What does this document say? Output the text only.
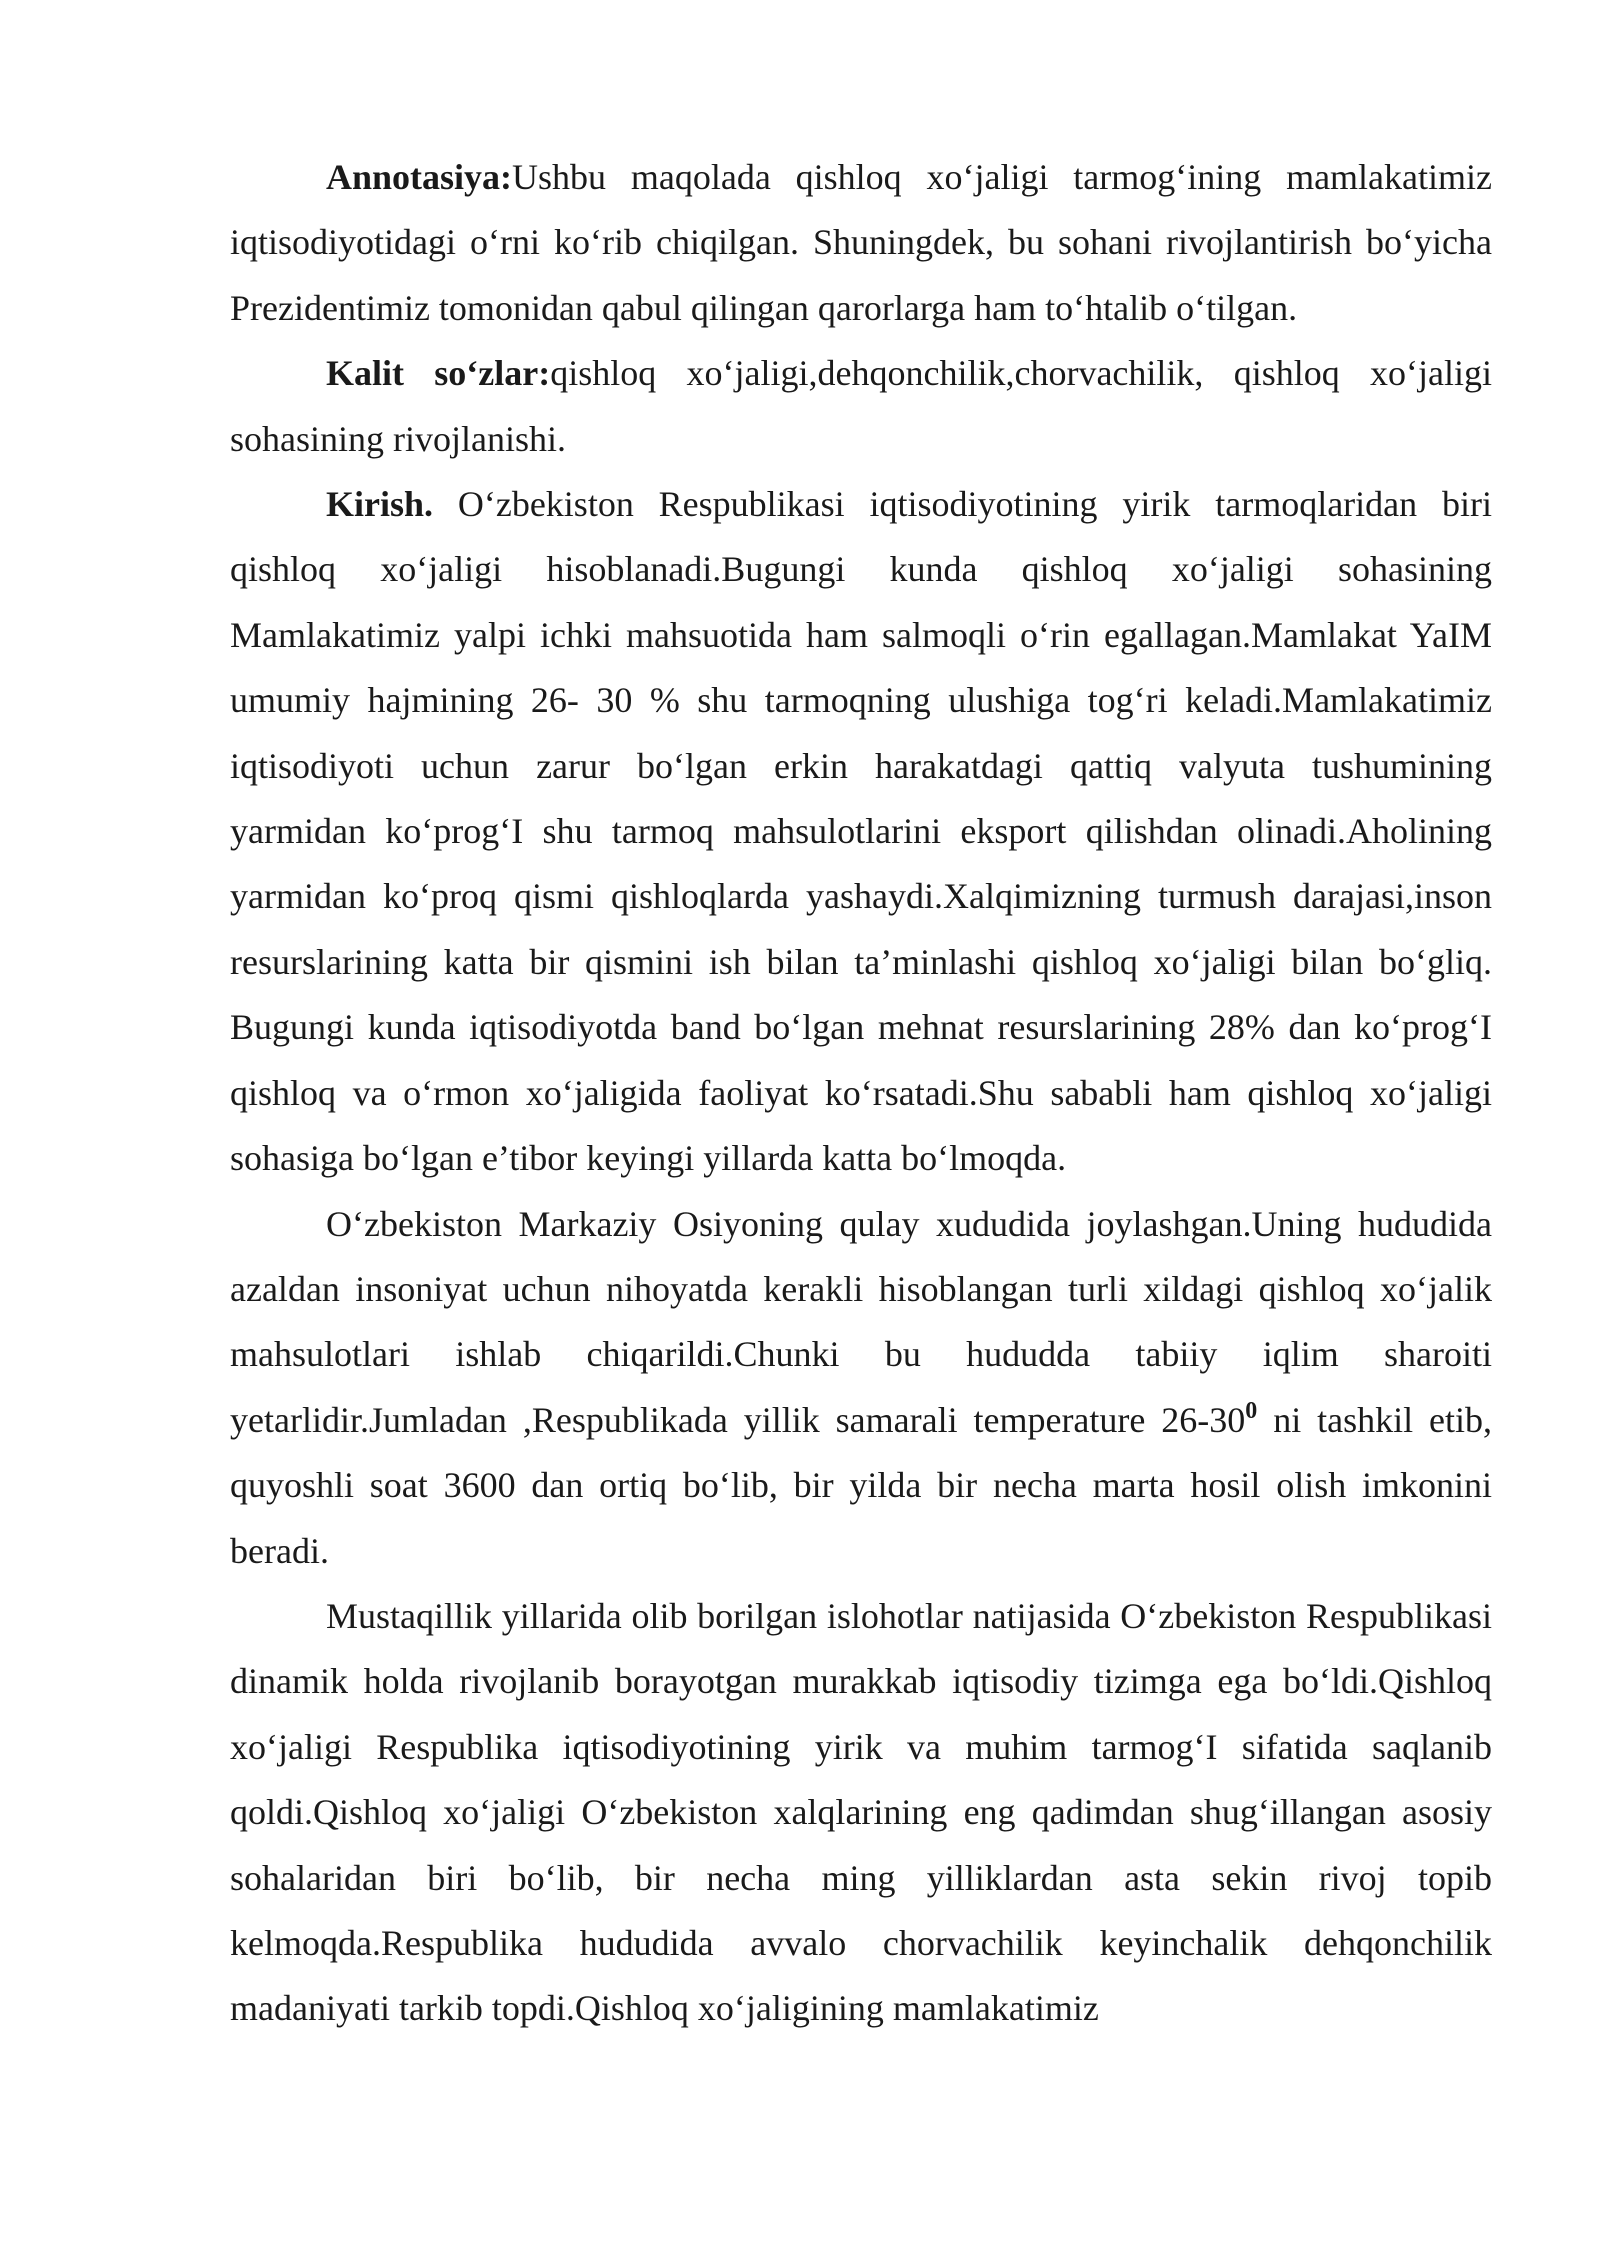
Annotasiya:Ushbu maqolada qishloq xo‘jaligi tarmog‘ining mamlakatimiz iqtisodiyotidagi o‘rni ko‘rib chiqilgan. Shuningdek, bu sohani rivojlantirish bo‘yicha Prezidentimiz tomonidan qabul qilingan qarorlarga ham to‘htalib o‘tilgan.

Kalit so‘zlar:qishloq xo‘jaligi,dehqonchilik,chorvachilik, qishloq xo‘jaligi sohasining rivojlanishi.

Kirish. O‘zbekiston Respublikasi iqtisodiyotining yirik tarmoqlaridan biri qishloq xo‘jaligi hisoblanadi.Bugungi kunda qishloq xo‘jaligi sohasining Mamlakatimiz yalpi ichki mahsuotida ham salmoqli o‘rin egallagan.Mamlakat YaIM umumiy hajmining 26- 30 % shu tarmoqning ulushiga tog‘ri keladi.Mamlakatimiz iqtisodiyoti uchun zarur bo‘lgan erkin harakatdagi qattiq valyuta tushumining yarmidan ko‘prog‘I shu tarmoq mahsulotlarini eksport qilishdan olinadi.Aholining yarmidan ko‘proq qismi qishloqlarda yashaydi.Xalqimizning turmush darajasi,inson resurslarining katta bir qismini ish bilan ta’minlashi qishloq xo‘jaligi bilan bo‘gliq. Bugungi kunda iqtisodiyotda band bo‘lgan mehnat resurslarining 28% dan ko‘prog‘I qishloq va o‘rmon xo‘jaligida faoliyat ko‘rsatadi.Shu sababli ham qishloq xo‘jaligi sohasiga bo‘lgan e’tibor keyingi yillarda katta bo‘lmoqda.

O‘zbekiston Markaziy Osiyoning qulay xududida joylashgan.Uning hududida azaldan insoniyat uchun nihoyatda kerakli hisoblangan turli xildagi qishloq xo‘jalik mahsulotlari ishlab chiqarildi.Chunki bu hududda tabiiy iqlim sharoiti yetarlidir.Jumladan ,Respublikada yillik samarali temperature $26-30^0$ ni tashkil etib, quyoshli soat 3600 dan ortiq bo‘lib, bir yilda bir necha marta hosil olish imkonini beradi.

Mustaqillik yillarida olib borilgan islohotlar natijasida O‘zbekiston Respublikasi dinamik holda rivojlanib borayotgan murakkab iqtisodiy tizimga ega bo‘ldi.Qishloq xo‘jaligi Respublika iqtisodiyotining yirik va muhim tarmog‘I sifatida saqlanib qoldi.Qishloq xo‘jaligi O‘zbekiston xalqlarining eng qadimdan shug‘illangan asosiy sohalaridan biri bo‘lib, bir necha ming yilliklardan asta sekin rivoj topib kelmoqda.Respublika hududida avvalo chorvachilik keyinchalik dehqonchilik madaniyati tarkib topdi.Qishloq xo‘jaligining mamlakatimiz
